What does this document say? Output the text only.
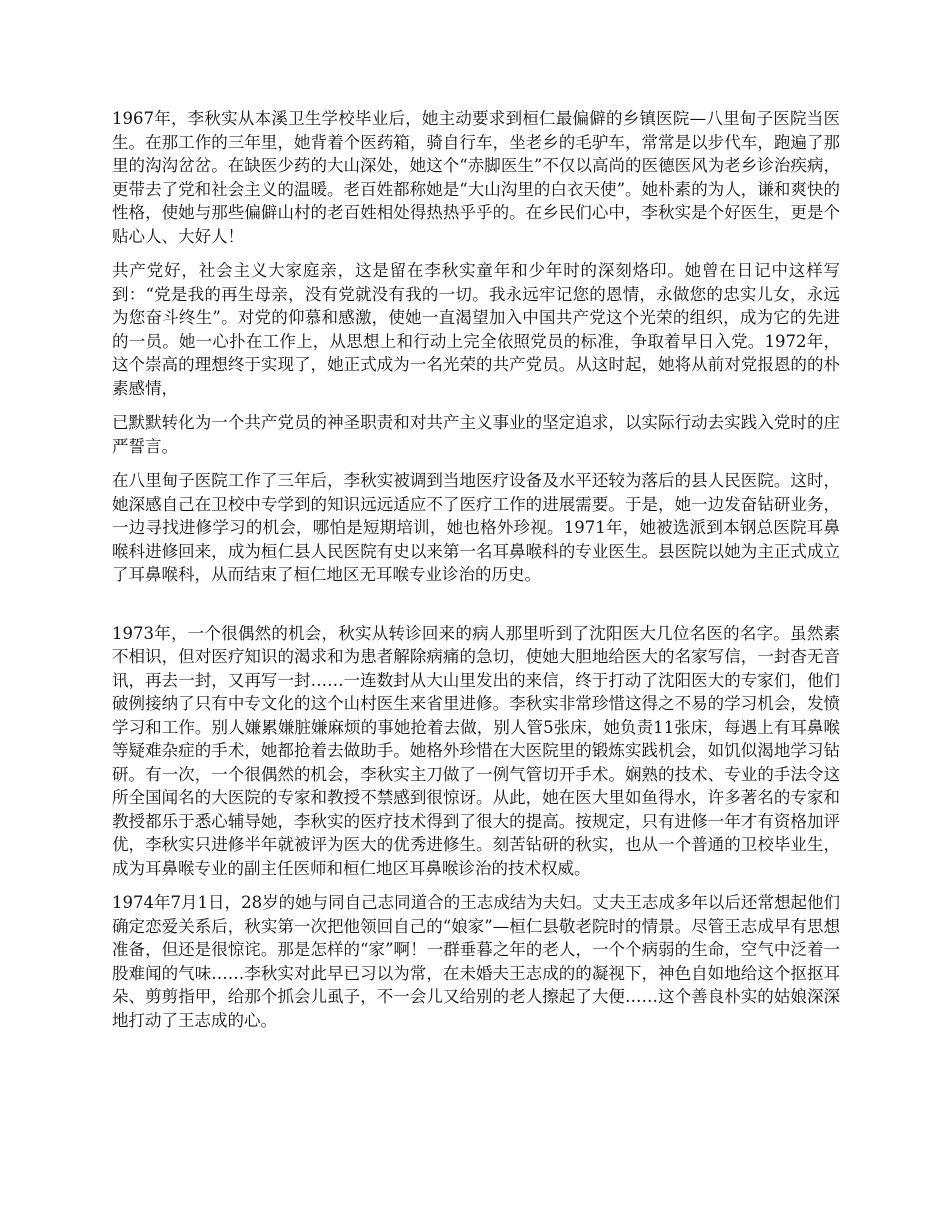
1967年，李秋实从本溪卫生学校毕业后，她主动要求到桓仁最偏僻的乡镇医院—八里甸子医院当医生。在那工作的三年里，她背着个医药箱，骑自行车，坐老乡的毛驴车，常常是以步代车，跑遍了那里的沟沟岔岔。在缺医少药的大山深处，她这个“赤脚医生”不仅以高尚的医德医风为老乡诊治疾病，更带去了党和社会主义的温暖。老百姓都称她是“大山沟里的白衣天使”。她朴素的为人，谦和爽快的性格，使她与那些偏僻山村的老百姓相处得热热乎乎的。在乡民们心中，李秋实是个好医生，更是个贴心人、大好人！

共产党好，社会主义大家庭亲，这是留在李秋实童年和少年时的深刻烙印。她曾在日记中这样写到：“党是我的再生母亲，没有党就没有我的一切。我永远牢记您的恩情，永做您的忠实儿女，永远为您奋斗终生”。对党的仰慕和感激，使她一直渴望加入中国共产党这个光荣的组织，成为它的先进的一员。她一心扑在工作上，从思想上和行动上完全依照党员的标准，争取着早日入党。1972年，这个崇高的理想终于实现了，她正式成为一名光荣的共产党员。从这时起，她将从前对党报恩的的朴素感情，

已默默转化为一个共产党员的神圣职责和对共产主义事业的坚定追求，以实际行动去实践入党时的庄严誓言。

在八里甸子医院工作了三年后，李秋实被调到当地医疗设备及水平还较为落后的县人民医院。这时，她深感自己在卫校中专学到的知识远远适应不了医疗工作的进展需要。于是，她一边发奋钻研业务，一边寻找进修学习的机会，哪怕是短期培训，她也格外珍视。1971年，她被选派到本钢总医院耳鼻喉科进修回来，成为桓仁县人民医院有史以来第一名耳鼻喉科的专业医生。县医院以她为主正式成立了耳鼻喉科，从而结束了桓仁地区无耳喉专业诊治的历史。

1973年，一个很偶然的机会，秋实从转诊回来的病人那里听到了沈阳医大几位名医的名字。虽然素不相识，但对医疗知识的渴求和为患者解除病痛的急切，使她大胆地给医大的名家写信，一封杳无音讯，再去一封，又再写一封……一连数封从大山里发出的来信，终于打动了沈阳医大的专家们，他们破例接纳了只有中专文化的这个山村医生来省里进修。李秋实非常珍惜这得之不易的学习机会，发愤学习和工作。别人嫌累嫌脏嫌麻烦的事她抢着去做，别人管5张床，她负责11张床，每遇上有耳鼻喉等疑难杂症的手术，她都抢着去做助手。她格外珍惜在大医院里的锻炼实践机会，如饥似渴地学习钻研。有一次，一个很偶然的机会，李秋实主刀做了一例气管切开手术。娴熟的技术、专业的手法令这所全国闻名的大医院的专家和教授不禁感到很惊讶。从此，她在医大里如鱼得水，许多著名的专家和教授都乐于悉心辅导她，李秋实的医疗技术得到了很大的提高。按规定，只有进修一年才有资格加评优，李秋实只进修半年就被评为医大的优秀进修生。刻苦钻研的秋实，也从一个普通的卫校毕业生，成为耳鼻喉专业的副主任医师和桓仁地区耳鼻喉诊治的技术权威。

1974年7月1日，28岁的她与同自己志同道合的王志成结为夫妇。丈夫王志成多年以后还常想起他们确定恋爱关系后，秋实第一次把他领回自己的“娘家”—桓仁县敬老院时的情景。尽管王志成早有思想准备，但还是很惊诧。那是怎样的“家”啊！一群垂暮之年的老人，一个个病弱的生命，空气中泛着一股难闻的气味……李秋实对此早已习以为常，在未婚夫王志成的的凝视下，神色自如地给这个抠抠耳朵、剪剪指甲，给那个抓会儿虱子，不一会儿又给别的老人擦起了大便……这个善良朴实的姑娘深深地打动了王志成的心。
